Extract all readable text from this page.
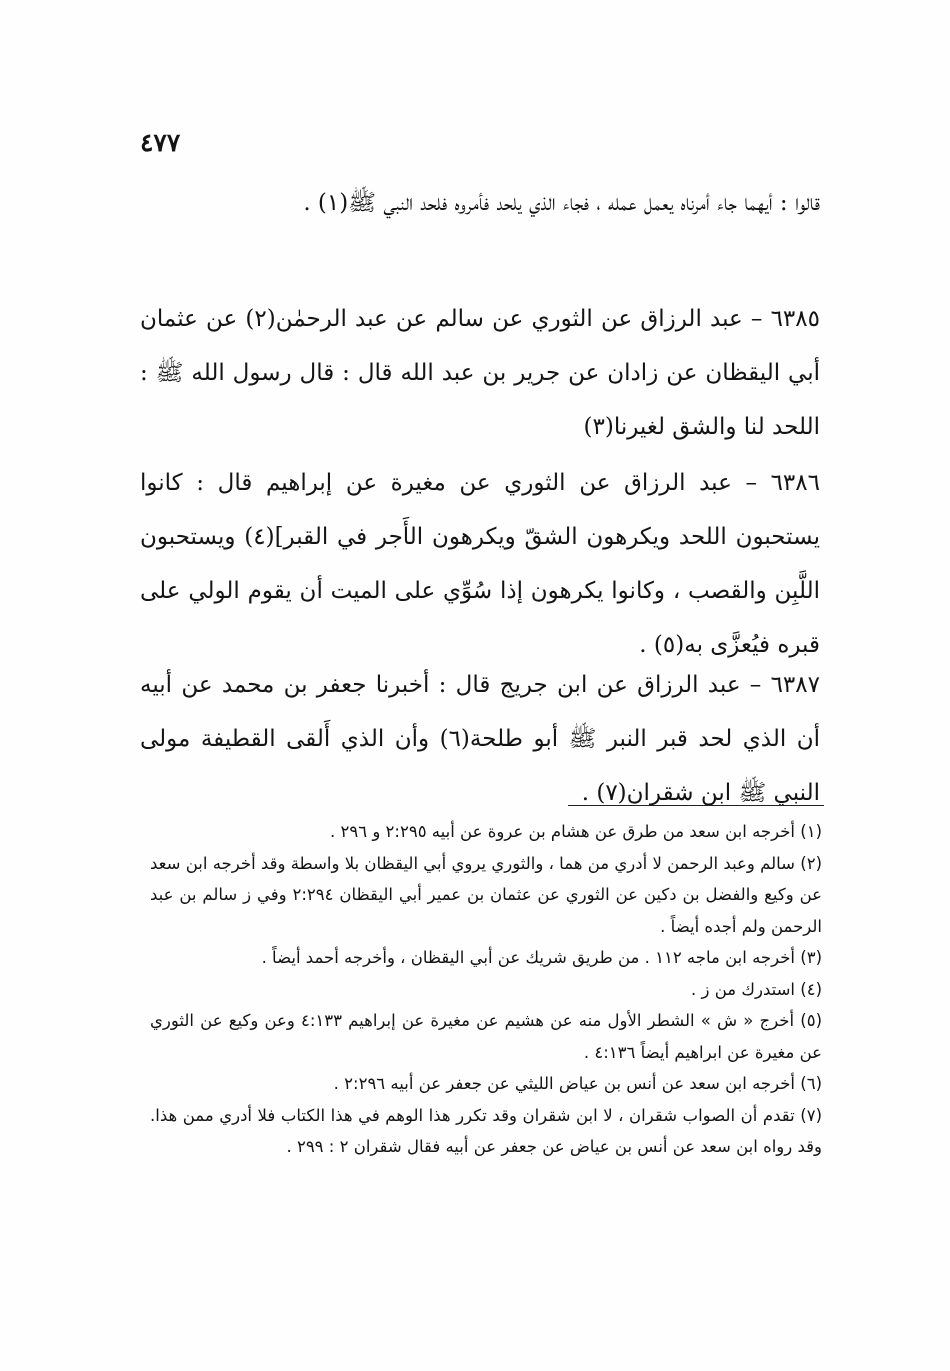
٤٧٧

قالوا : أيهما جاء أمرناه يعمل عمله ، فجاء الذي يلحد فأمروه فلحد النبي ﷺ(١) .

٦٣٨٥ – عبد الرزاق عن الثوري عن سالم عن عبد الرحمٰن(٢) عن عثمان أبي اليقظان عن زادان عن جرير بن عبد الله قال : قال رسول الله ﷺ : اللحد لنا والشق لغيرنا(٣)

٦٣٨٦ – عبد الرزاق عن الثوري عن مغيرة عن إبراهيم قال : كانوا يستحبون اللحد ويكرهون الشقّ ويكرهون الأَجر في القبر](٤) ويستحبون اللَّبِن والقصب ، وكانوا يكرهون إذا سُوِّي على الميت أن يقوم الولي على قبره فيُعزَّى به(٥) .

٦٣٨٧ – عبد الرزاق عن ابن جريج قال : أخبرنا جعفر بن محمد عن أبيه أن الذي لحد قبر النبر ﷺ أبو طلحة(٦) وأن الذي أَلقى القطيفة مولى النبي ﷺ ابن شقران(٧) .

(١) أخرجه ابن سعد من طرق عن هشام بن عروة عن أبيه ٢:٢٩٥ و ٢٩٦ .

(٢) سالم وعبد الرحمن لا أدري من هما ، والثوري يروي أبي اليقظان بلا واسطة وقد أخرجه ابن سعد عن وكيع والفضل بن دكين عن الثوري عن عثمان بن عمير أبي اليقظان ٢:٢٩٤ وفي ز سالم بن عبد الرحمن ولم أجده أيضاً .

(٣) أخرجه ابن ماجه ١١٢ . من طريق شريك عن أبي اليقظان ، وأخرجه أحمد أيضاً .

(٤) استدرك من ز .

(٥) أخرج « ش » الشطر الأول منه عن هشيم عن مغيرة عن إبراهيم ٤:١٣٣ وعن وكيع عن الثوري عن مغيرة عن ابراهيم أيضاً ٤:١٣٦ .

(٦) أخرجه ابن سعد عن أنس بن عياض الليثي عن جعفر عن أبيه ٢:٢٩٦ .

(٧) تقدم أن الصواب شقران ، لا ابن شقران وقد تكرر هذا الوهم في هذا الكتاب فلا أدري ممن هذا. وقد رواه ابن سعد عن أنس بن عياض عن جعفر عن أبيه فقال شقران ٢ : ٢٩٩ .
